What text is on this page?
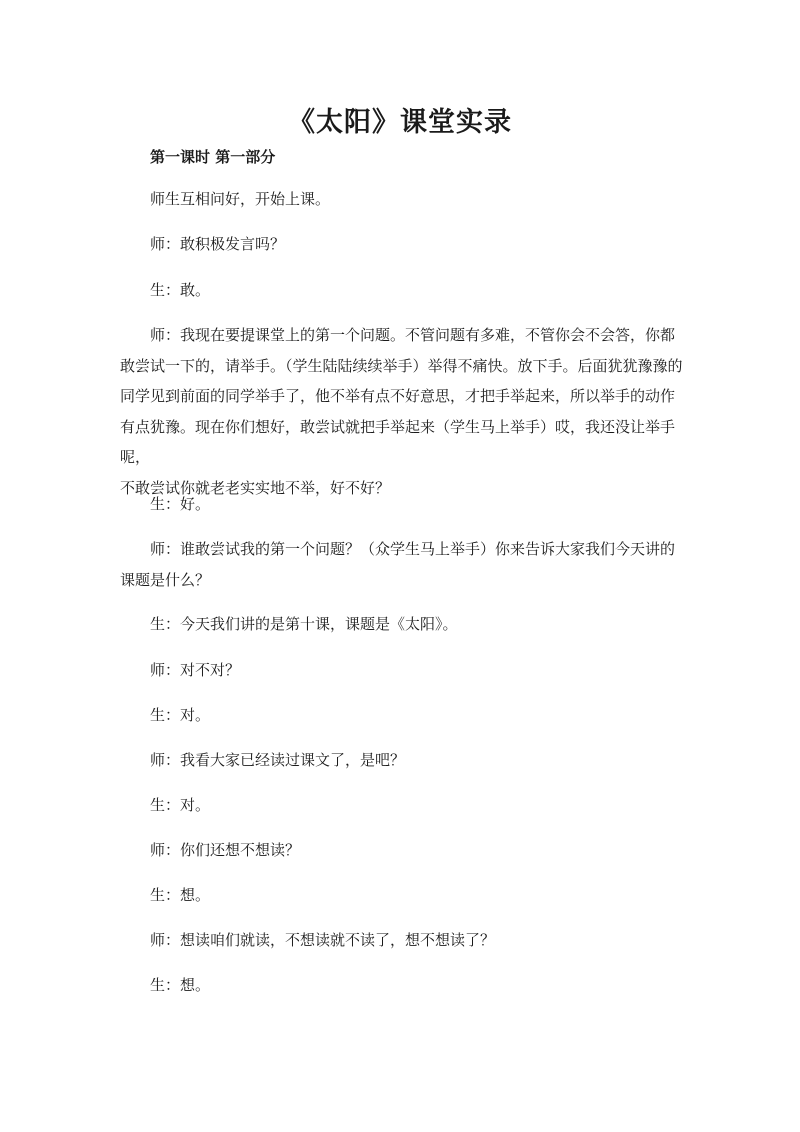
《太阳》课堂实录
第一课时 第一部分

师生互相问好，开始上课。

师：敢积极发言吗？

生：敢。

师：我现在要提课堂上的第一个问题。不管问题有多难，不管你会不会答，你都
敢尝试一下的，请举手。（学生陆陆续续举手）举得不痛快。放下手。后面犹犹豫豫的
同学见到前面的同学举手了，他不举有点不好意思，才把手举起来，所以举手的动作
有点犹豫。现在你们想好，敢尝试就把手举起来（学生马上举手）哎，我还没让举手呢，
不敢尝试你就老老实实地不举，好不好？

生：好。

师：谁敢尝试我的第一个问题？（众学生马上举手）你来告诉大家我们今天讲的
课题是什么？

生：今天我们讲的是第十课，课题是《太阳》。

师：对不对？

生：对。

师：我看大家已经读过课文了，是吧？

生：对。

师：你们还想不想读？

生：想。

师：想读咱们就读，不想读就不读了，想不想读了？

生：想。
